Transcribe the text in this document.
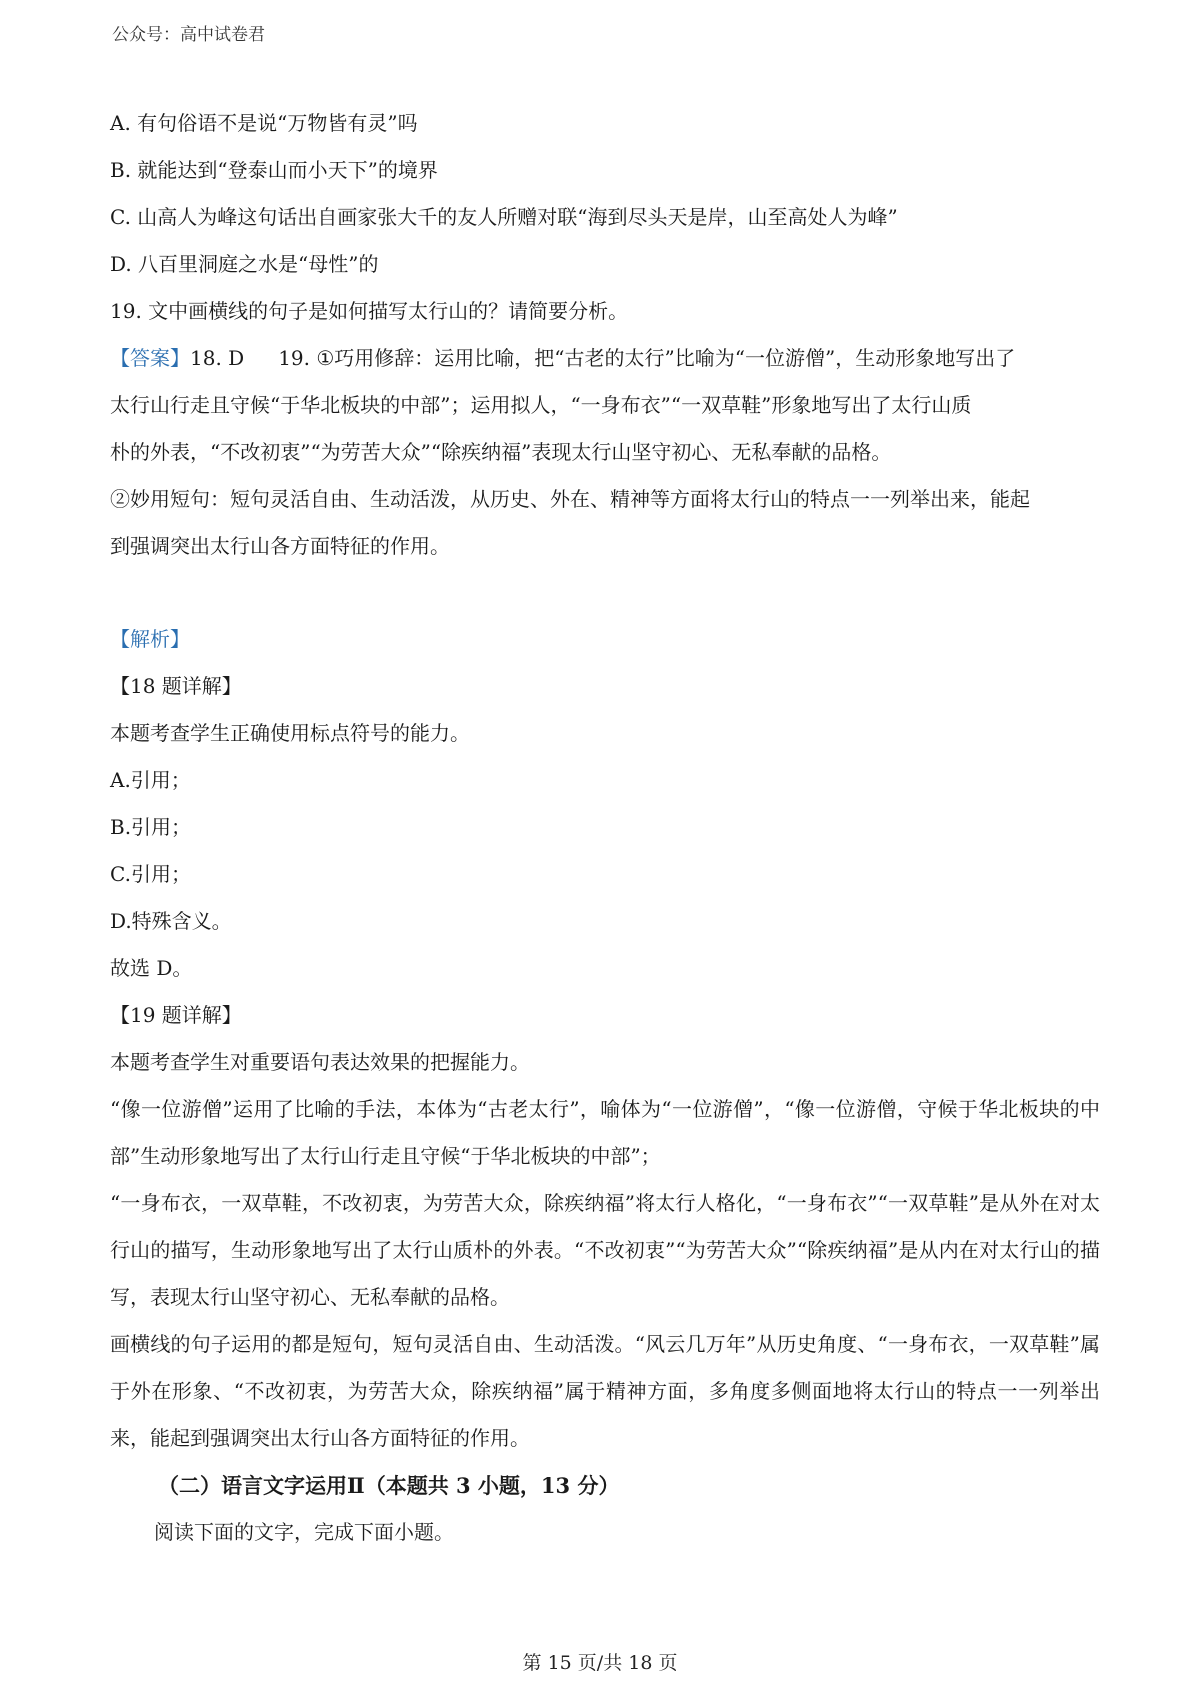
公众号：高中试卷君
A. 有句俗语不是说“万物皆有灵”吗
B. 就能达到“登泰山而小天下”的境界
C. 山高人为峰这句话出自画家张大千的友人所赠对联“海到尽头天是岸，山至高处人为峰”
D. 八百里洞庭之水是“母性”的
19. 文中画横线的句子是如何描写太行山的？请简要分析。
【答案】18. D 19. ①巧用修辞：运用比喻，把“古老的太行”比喻为“一位游僧”，生动形象地写出了
太行山行走且守候“于华北板块的中部”；运用拟人，“一身布衣”“一双草鞋”形象地写出了太行山质
朴的外表，“不改初衷”“为劳苦大众”“除疾纳福”表现太行山坚守初心、无私奉献的品格。
②妙用短句：短句灵活自由、生动活泼，从历史、外在、精神等方面将太行山的特点一一列举出来，能起
到强调突出太行山各方面特征的作用。
【解析】
【18 题详解】
本题考查学生正确使用标点符号的能力。
A.引用；
B.引用；
C.引用；
D.特殊含义。
故选 D。
【19 题详解】
本题考查学生对重要语句表达效果的把握能力。
“像一位游僧”运用了比喻的手法，本体为“古老太行”，喻体为“一位游僧”，“像一位游僧，守候于华北板块的中部”生动形象地写出了太行山行走且守候“于华北板块的中部”；
“一身布衣，一双草鞋，不改初衷，为劳苦大众，除疾纳福”将太行人格化，“一身布衣”“一双草鞋”是从外在对太行山的描写，生动形象地写出了太行山质朴的外表。“不改初衷”“为劳苦大众”“除疾纳福”是从内在对太行山的描写，表现太行山坚守初心、无私奉献的品格。
画横线的句子运用的都是短句，短句灵活自由、生动活泼。“风云几万年”从历史角度、“一身布衣，一双草鞋”属于外在形象、“不改初衷，为劳苦大众，除疾纳福”属于精神方面，多角度多侧面地将太行山的特点一一列举出来，能起到强调突出太行山各方面特征的作用。
（二）语言文字运用Ⅱ（本题共 3 小题，13 分）
阅读下面的文字，完成下面小题。
第 15 页/共 18 页
